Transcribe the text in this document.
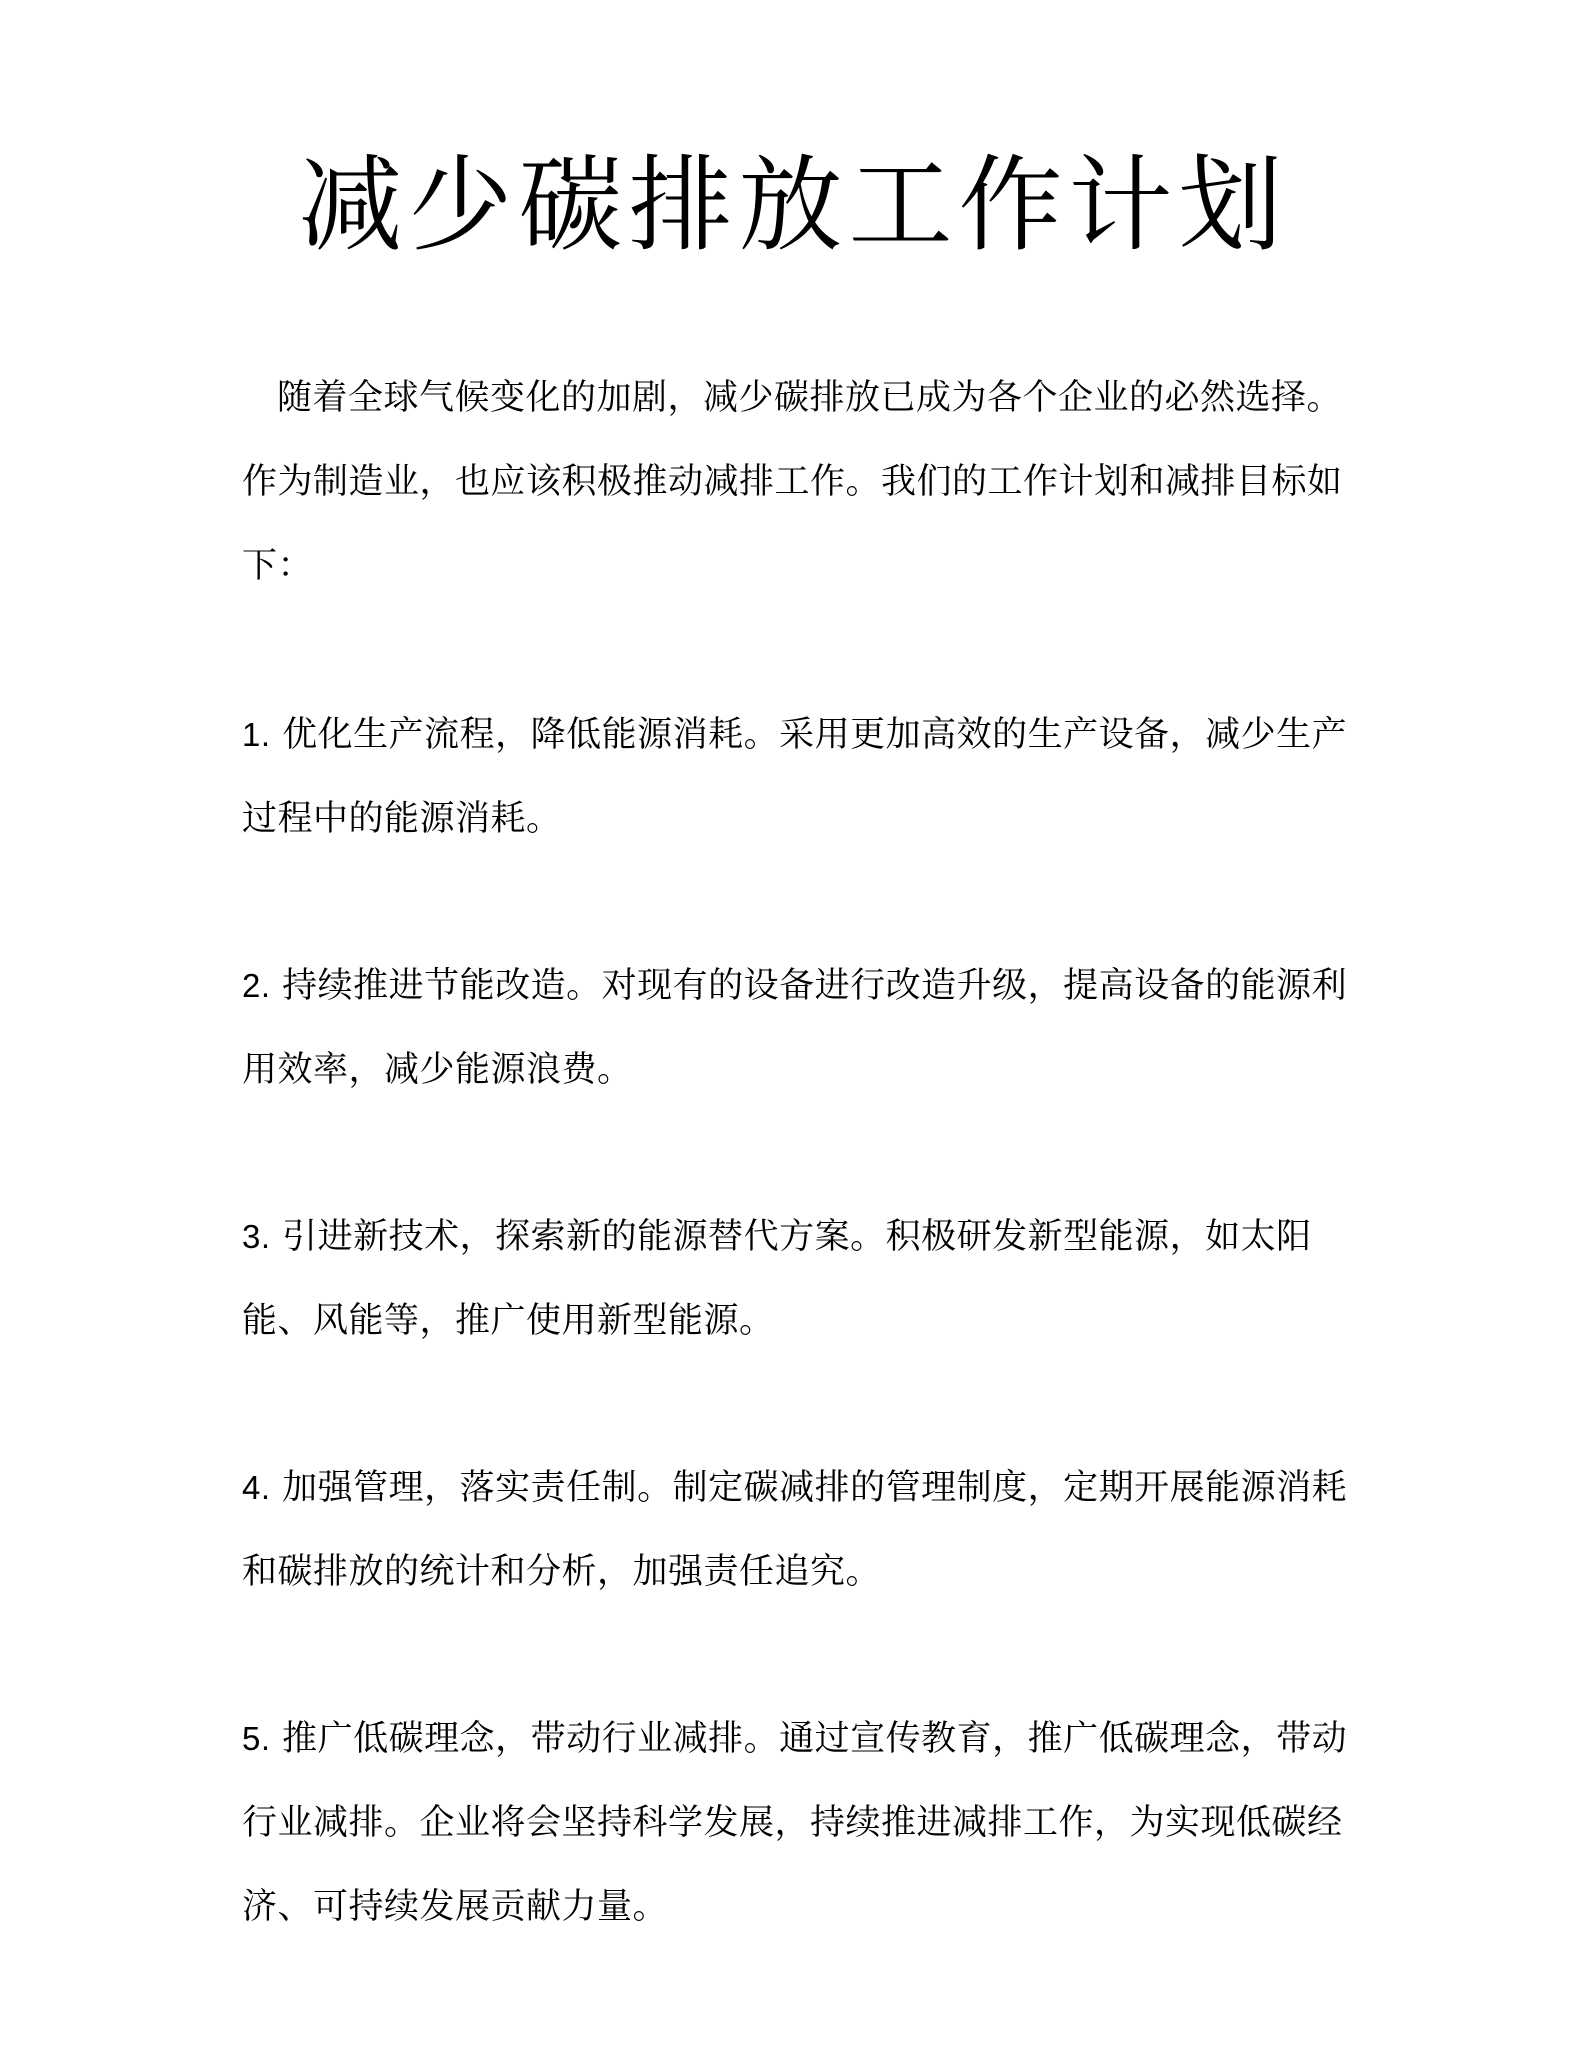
减少碳排放工作计划

随着全球气候变化的加剧，减少碳排放已成为各个企业的必然选择。作为制造业，也应该积极推动减排工作。我们的工作计划和减排目标如下：

1. 优化生产流程，降低能源消耗。采用更加高效的生产设备，减少生产过程中的能源消耗。

2. 持续推进节能改造。对现有的设备进行改造升级，提高设备的能源利用效率，减少能源浪费。

3. 引进新技术，探索新的能源替代方案。积极研发新型能源，如太阳能、风能等，推广使用新型能源。

4. 加强管理，落实责任制。制定碳减排的管理制度，定期开展能源消耗和碳排放的统计和分析，加强责任追究。

5. 推广低碳理念，带动行业减排。通过宣传教育，推广低碳理念，带动行业减排。企业将会坚持科学发展，持续推进减排工作，为实现低碳经济、可持续发展贡献力量。
